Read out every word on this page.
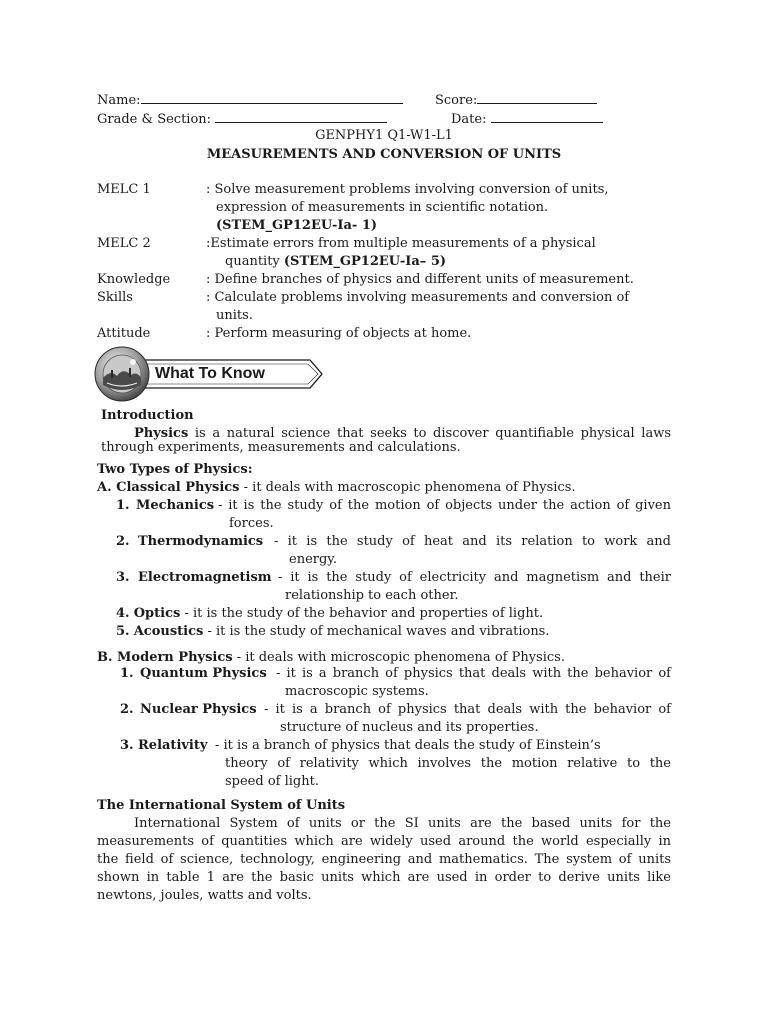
Name:	Score:
Grade & Section:	Date:
GENPHY1 Q1-W1-L1
MEASUREMENTS AND CONVERSION OF UNITS
MELC 1	: Solve measurement problems involving conversion of units,
expression of measurements in scientific notation.
(STEM_GP12EU-Ia- 1)
MELC 2	:Estimate errors from multiple measurements of a physical
quantity (STEM_GP12EU-Ia– 5)
Knowledge	: Define branches of physics and different units of measurement.
Skills	: Calculate problems involving measurements and conversion of
units.
Attitude	: Perform measuring of objects at home.
What To Know
Introduction
Physics is a natural science that seeks to discover quantifiable physical laws
through experiments, measurements and calculations.
Two Types of Physics:
A. Classical Physics - it deals with macroscopic phenomena of Physics.
1. Mechanics - it is the study of the motion of objects under the action of given
forces.
2. Thermodynamics - it is the study of heat and its relation to work and
energy.
3. Electromagnetism - it is the study of electricity and magnetism and their
relationship to each other.
4. Optics - it is the study of the behavior and properties of light.
5. Acoustics - it is the study of mechanical waves and vibrations.
B. Modern Physics - it deals with microscopic phenomena of Physics.
1. Quantum Physics - it is a branch of physics that deals with the behavior of
macroscopic systems.
2. Nuclear Physics - it is a branch of physics that deals with the behavior of
structure of nucleus and its properties.
3. Relativity - it is a branch of physics that deals the study of Einstein’s
theory of relativity which involves the motion relative to the
speed of light.
The International System of Units
International System of units or the SI units are the based units for the
measurements of quantities which are widely used around the world especially in
the field of science, technology, engineering and mathematics. The system of units
shown in table 1 are the basic units which are used in order to derive units like
newtons, joules, watts and volts.
